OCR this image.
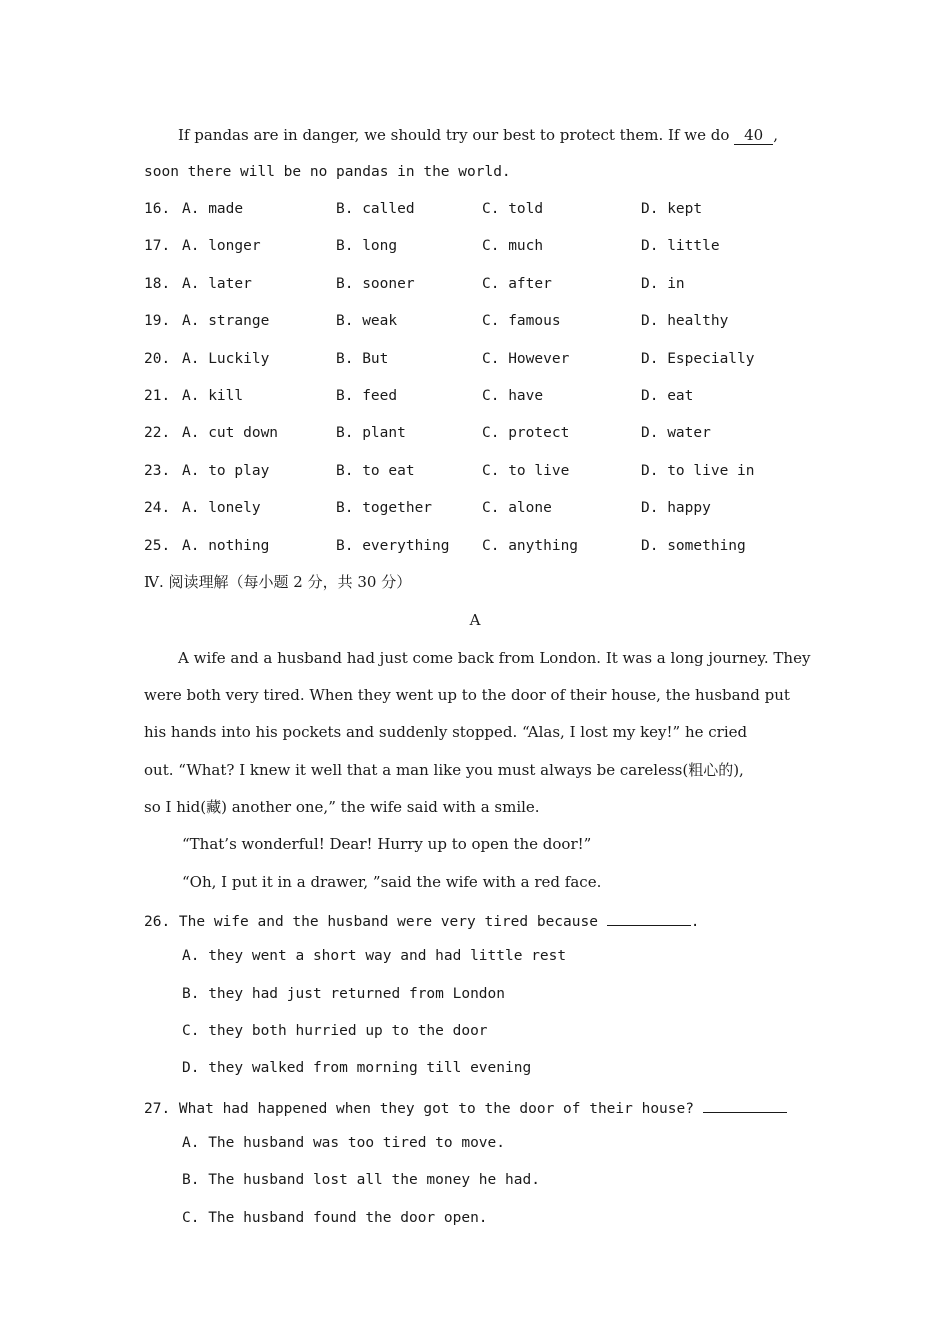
If pandas are in danger, we should try our best to protect them. If we do 40 ,
soon there will be no pandas in the world.
16. A. made	B. called	C. told	D. kept
17. A. longer	B. long	C. much	D. little
18. A. later	B. sooner	C. after	D. in
19. A. strange	B. weak	C. famous	D. healthy
20. A. Luckily	B. But	C. However	D. Especially
21. A. kill	B. feed	C. have	D. eat
22. A. cut down	B. plant	C. protect	D. water
23. A. to play	B. to eat	C. to live	D. to live in
24. A. lonely	B. together	C. alone	D. happy
25. A. nothing	B. everything C. anything	D. something
Ⅳ. 阅读理解（每小题 2 分，共 30 分）
A
A wife and a husband had just come back from London. It was a long journey. They
were both very tired. When they went up to the door of their house, the husband put
his hands into his pockets and suddenly stopped. “Alas, I lost my key!” he cried
out. “What? I knew it well that a man like you must always be careless(粗心的),
so I hid(藏) another one,” the wife said with a smile.
“That’s wonderful! Dear! Hurry up to open the door!”
“Oh, I put it in a drawer, ”said the wife with a red face.
26. The wife and the husband were very tired because	.
A. they went a short way and had little rest
B. they had just returned from London
C. they both hurried up to the door
D. they walked from morning till evening
27. What had happened when they got to the door of their house?
A. The husband was too tired to move.
B. The husband lost all the money he had.
C. The husband found the door open.
